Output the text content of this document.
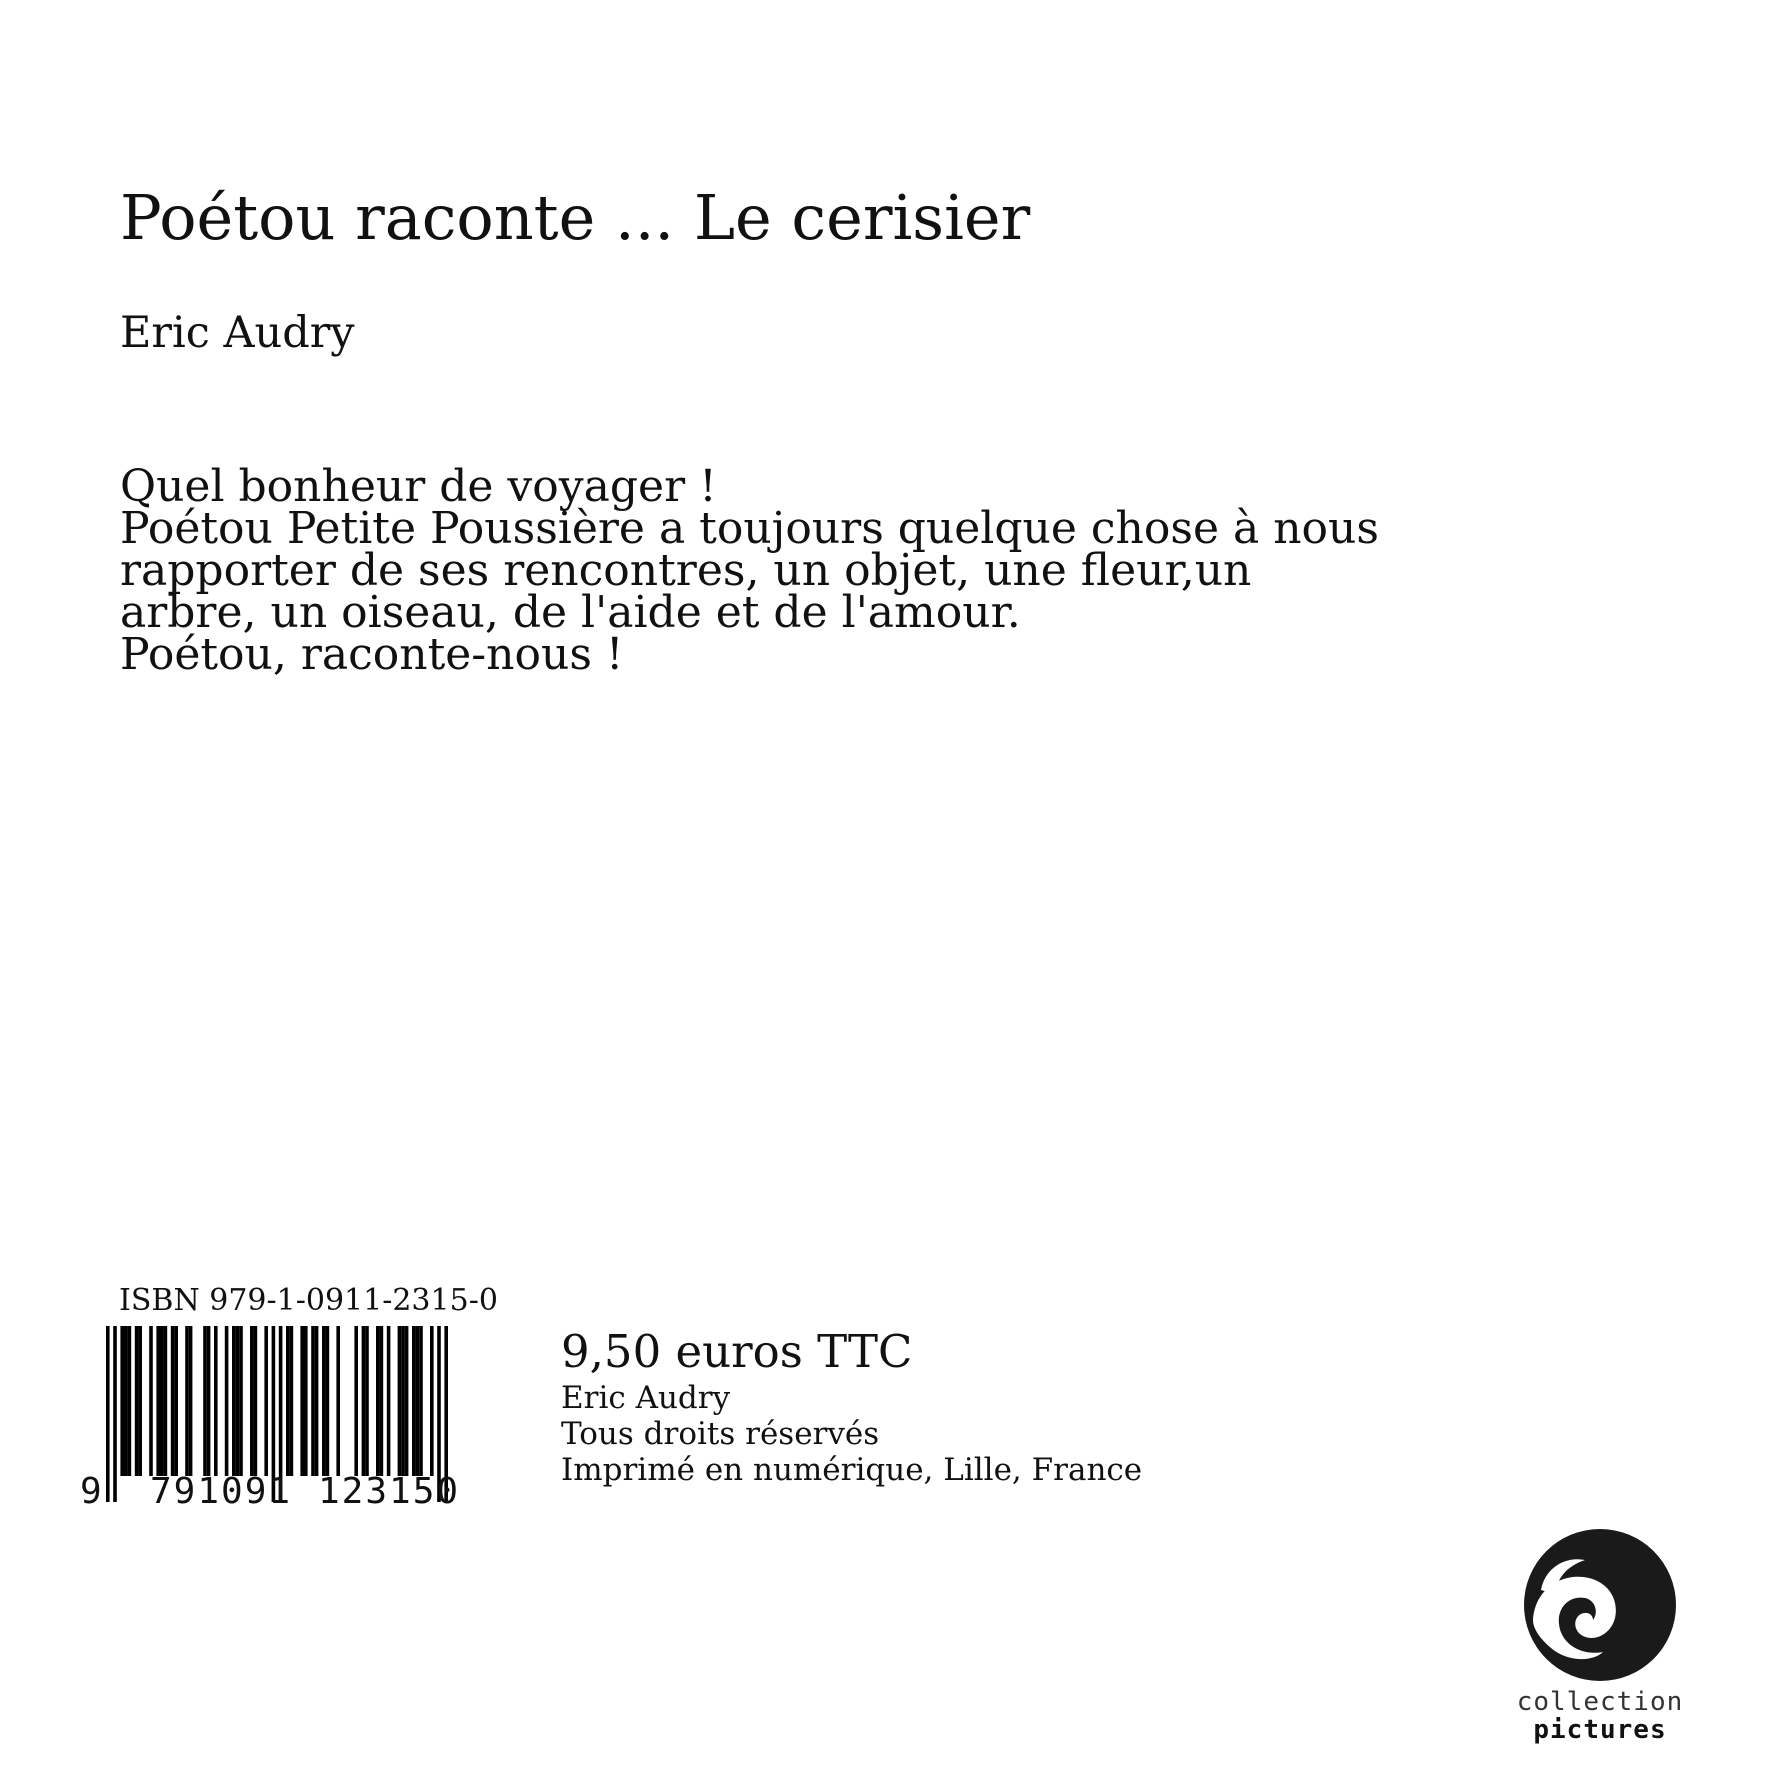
Poétou raconte ... Le cerisier
Eric Audry
Quel bonheur de voyager !
Poétou Petite Poussière a toujours quelque chose à nous
rapporter de ses rencontres, un objet, une fleur,un
arbre, un oiseau, de l'aide et de l'amour.
Poétou, raconte-nous !
ISBN 979-1-0911-2315-0
9 791091 123150
9,50 euros TTC
Eric Audry
Tous droits réservés
Imprimé en numérique, Lille, France
collection
pictures
